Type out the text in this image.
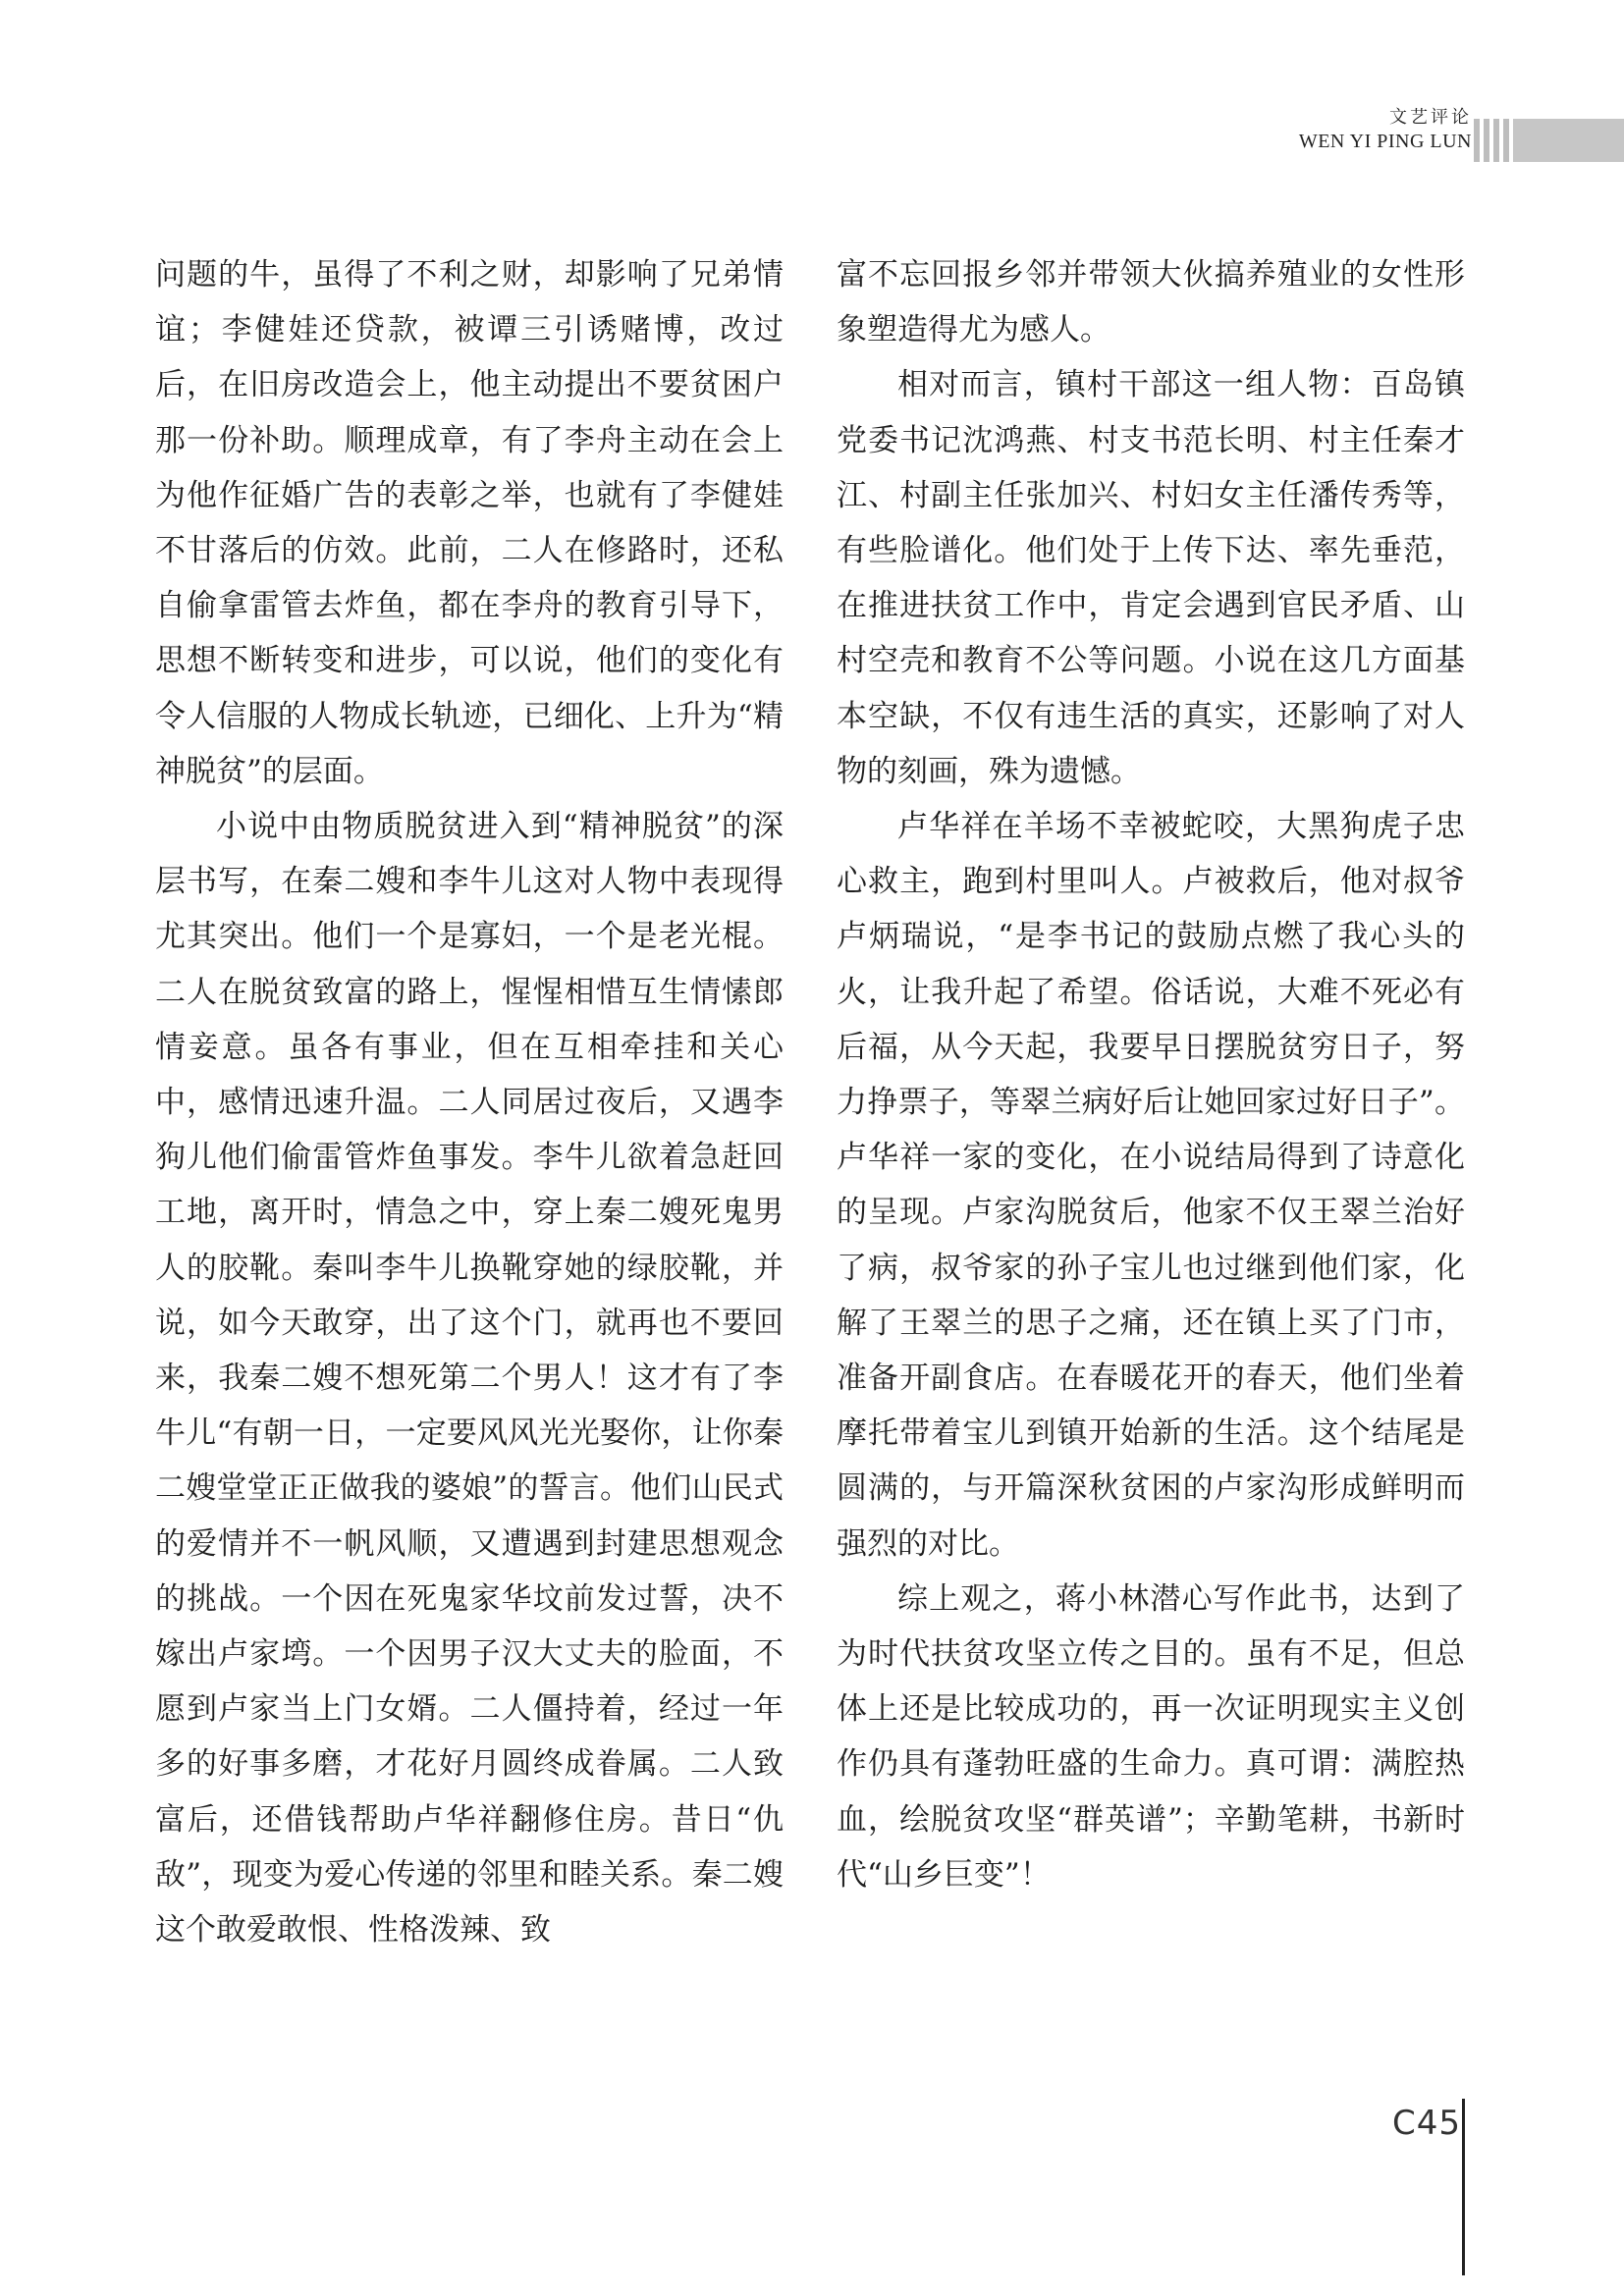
文艺评论
WEN YI PING LUN

问题的牛，虽得了不利之财，却影响了兄弟情谊；李健娃还贷款，被谭三引诱赌博，改过后，在旧房改造会上，他主动提出不要贫困户那一份补助。顺理成章，有了李舟主动在会上为他作征婚广告的表彰之举，也就有了李健娃不甘落后的仿效。此前，二人在修路时，还私自偷拿雷管去炸鱼，都在李舟的教育引导下，思想不断转变和进步，可以说，他们的变化有令人信服的人物成长轨迹，已细化、上升为“精神脱贫”的层面。

小说中由物质脱贫进入到“精神脱贫”的深层书写，在秦二嫂和李牛儿这对人物中表现得尤其突出。他们一个是寡妇，一个是老光棍。二人在脱贫致富的路上，惺惺相惜互生情愫郎情妾意。虽各有事业，但在互相牵挂和关心中，感情迅速升温。二人同居过夜后，又遇李狗儿他们偷雷管炸鱼事发。李牛儿欲着急赶回工地，离开时，情急之中，穿上秦二嫂死鬼男人的胶靴。秦叫李牛儿换靴穿她的绿胶靴，并说，如今天敢穿，出了这个门，就再也不要回来，我秦二嫂不想死第二个男人！这才有了李牛儿“有朝一日，一定要风风光光娶你，让你秦二嫂堂堂正正做我的婆娘”的誓言。他们山民式的爱情并不一帆风顺，又遭遇到封建思想观念的挑战。一个因在死鬼家华坟前发过誓，决不嫁出卢家塆。一个因男子汉大丈夫的脸面，不愿到卢家当上门女婿。二人僵持着，经过一年多的好事多磨，才花好月圆终成眷属。二人致富后，还借钱帮助卢华祥翻修住房。昔日“仇敌”，现变为爱心传递的邻里和睦关系。秦二嫂这个敢爱敢恨、性格泼辣、致

富不忘回报乡邻并带领大伙搞养殖业的女性形象塑造得尤为感人。

相对而言，镇村干部这一组人物：百岛镇党委书记沈鸿燕、村支书范长明、村主任秦才江、村副主任张加兴、村妇女主任潘传秀等，有些脸谱化。他们处于上传下达、率先垂范，在推进扶贫工作中，肯定会遇到官民矛盾、山村空壳和教育不公等问题。小说在这几方面基本空缺，不仅有违生活的真实，还影响了对人物的刻画，殊为遗憾。

卢华祥在羊场不幸被蛇咬，大黑狗虎子忠心救主，跑到村里叫人。卢被救后，他对叔爷卢炳瑞说，“是李书记的鼓励点燃了我心头的火，让我升起了希望。俗话说，大难不死必有后福，从今天起，我要早日摆脱贫穷日子，努力挣票子，等翠兰病好后让她回家过好日子”。卢华祥一家的变化，在小说结局得到了诗意化的呈现。卢家沟脱贫后，他家不仅王翠兰治好了病，叔爷家的孙子宝儿也过继到他们家，化解了王翠兰的思子之痛，还在镇上买了门市，准备开副食店。在春暖花开的春天，他们坐着摩托带着宝儿到镇开始新的生活。这个结尾是圆满的，与开篇深秋贫困的卢家沟形成鲜明而强烈的对比。

综上观之，蒋小林潜心写作此书，达到了为时代扶贫攻坚立传之目的。虽有不足，但总体上还是比较成功的，再一次证明现实主义创作仍具有蓬勃旺盛的生命力。真可谓：满腔热血，绘脱贫攻坚“群英谱”；辛勤笔耕，书新时代“山乡巨变”！

C45
